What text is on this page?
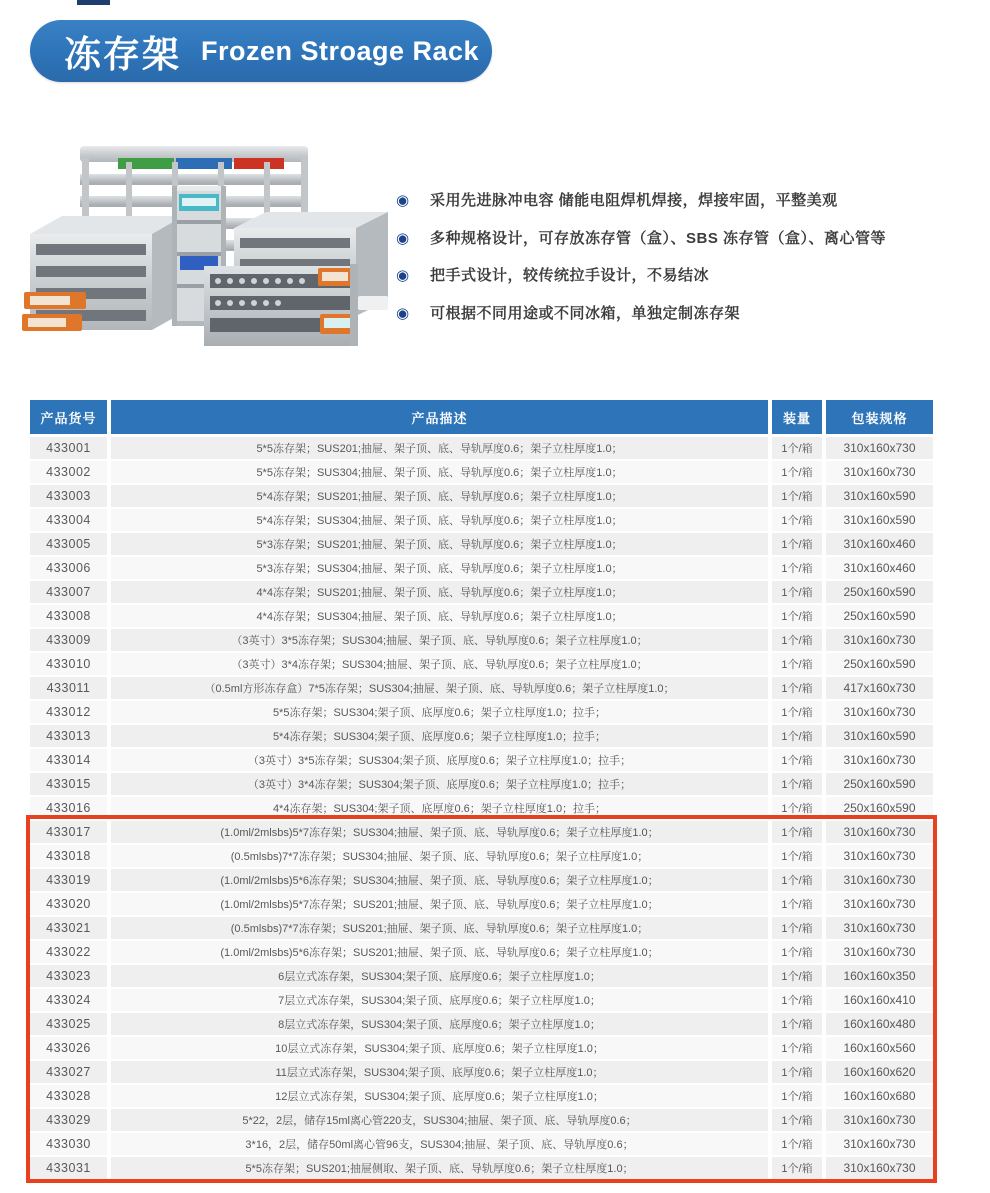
冻存架 Frozen Stroage Rack
◉	采用先进脉冲电容 储能电阻焊机焊接，焊接牢固，平整美观
◉	多种规格设计，可存放冻存管（盒）、SBS 冻存管（盒）、离心管等
◉	把手式设计，较传统拉手设计，不易结冰
◉	可根据不同用途或不同冰箱，单独定制冻存架
产品货号	产品描述	装量	包装规格
433001	5*5冻存架；SUS201;抽屉、架子顶、底、导轨厚度0.6；架子立柱厚度1.0；	1个/箱	310x160x730
433002	5*5冻存架；SUS304;抽屉、架子顶、底、导轨厚度0.6；架子立柱厚度1.0；	1个/箱	310x160x730
433003	5*4冻存架；SUS201;抽屉、架子顶、底、导轨厚度0.6；架子立柱厚度1.0；	1个/箱	310x160x590
433004	5*4冻存架；SUS304;抽屉、架子顶、底、导轨厚度0.6；架子立柱厚度1.0；	1个/箱	310x160x590
433005	5*3冻存架；SUS201;抽屉、架子顶、底、导轨厚度0.6；架子立柱厚度1.0；	1个/箱	310x160x460
433006	5*3冻存架；SUS304;抽屉、架子顶、底、导轨厚度0.6；架子立柱厚度1.0；	1个/箱	310x160x460
433007	4*4冻存架；SUS201;抽屉、架子顶、底、导轨厚度0.6；架子立柱厚度1.0；	1个/箱	250x160x590
433008	4*4冻存架；SUS304;抽屉、架子顶、底、导轨厚度0.6；架子立柱厚度1.0；	1个/箱	250x160x590
433009	（3英寸）3*5冻存架；SUS304;抽屉、架子顶、底、导轨厚度0.6；架子立柱厚度1.0；	1个/箱	310x160x730
433010	（3英寸）3*4冻存架；SUS304;抽屉、架子顶、底、导轨厚度0.6；架子立柱厚度1.0；	1个/箱	250x160x590
433011	（0.5ml方形冻存盒）7*5冻存架；SUS304;抽屉、架子顶、底、导轨厚度0.6；架子立柱厚度1.0；	1个/箱	417x160x730
433012	5*5冻存架；SUS304;架子顶、底厚度0.6；架子立柱厚度1.0；拉手；	1个/箱	310x160x730
433013	5*4冻存架；SUS304;架子顶、底厚度0.6；架子立柱厚度1.0；拉手；	1个/箱	310x160x590
433014	（3英寸）3*5冻存架；SUS304;架子顶、底厚度0.6；架子立柱厚度1.0；拉手；	1个/箱	310x160x730
433015	（3英寸）3*4冻存架；SUS304;架子顶、底厚度0.6；架子立柱厚度1.0；拉手；	1个/箱	250x160x590
433016	4*4冻存架；SUS304;架子顶、底厚度0.6；架子立柱厚度1.0；拉手；	1个/箱	250x160x590
433017	(1.0ml/2mlsbs)5*7冻存架；SUS304;抽屉、架子顶、底、导轨厚度0.6；架子立柱厚度1.0；	1个/箱	310x160x730
433018	(0.5mlsbs)7*7冻存架；SUS304;抽屉、架子顶、底、导轨厚度0.6；架子立柱厚度1.0；	1个/箱	310x160x730
433019	(1.0ml/2mlsbs)5*6冻存架；SUS304;抽屉、架子顶、底、导轨厚度0.6；架子立柱厚度1.0；	1个/箱	310x160x730
433020	(1.0ml/2mlsbs)5*7冻存架；SUS201;抽屉、架子顶、底、导轨厚度0.6；架子立柱厚度1.0；	1个/箱	310x160x730
433021	(0.5mlsbs)7*7冻存架；SUS201;抽屉、架子顶、底、导轨厚度0.6；架子立柱厚度1.0；	1个/箱	310x160x730
433022	(1.0ml/2mlsbs)5*6冻存架；SUS201;抽屉、架子顶、底、导轨厚度0.6；架子立柱厚度1.0；	1个/箱	310x160x730
433023	6层立式冻存架，SUS304;架子顶、底厚度0.6；架子立柱厚度1.0；	1个/箱	160x160x350
433024	7层立式冻存架，SUS304;架子顶、底厚度0.6；架子立柱厚度1.0；	1个/箱	160x160x410
433025	8层立式冻存架，SUS304;架子顶、底厚度0.6；架子立柱厚度1.0；	1个/箱	160x160x480
433026	10层立式冻存架，SUS304;架子顶、底厚度0.6；架子立柱厚度1.0；	1个/箱	160x160x560
433027	11层立式冻存架，SUS304;架子顶、底厚度0.6；架子立柱厚度1.0；	1个/箱	160x160x620
433028	12层立式冻存架，SUS304;架子顶、底厚度0.6；架子立柱厚度1.0；	1个/箱	160x160x680
433029	5*22，2层，储存15ml离心管220支，SUS304;抽屉、架子顶、底、导轨厚度0.6；	1个/箱	310x160x730
433030	3*16，2层，储存50ml离心管96支，SUS304;抽屉、架子顶、底、导轨厚度0.6；	1个/箱	310x160x730
433031	5*5冻存架；SUS201;抽屉侧取、架子顶、底、导轨厚度0.6；架子立柱厚度1.0；	1个/箱	310x160x730
